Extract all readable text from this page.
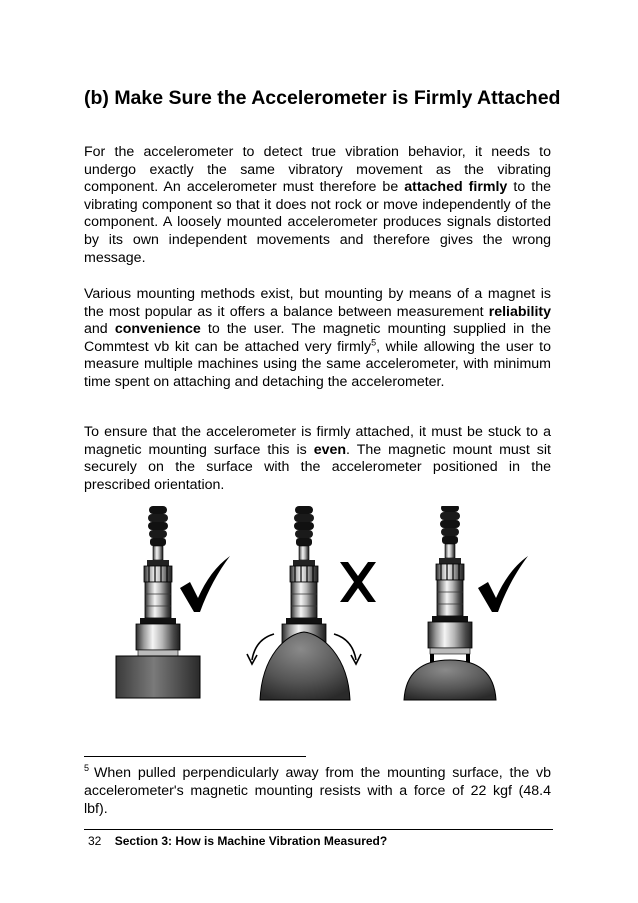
(b) Make Sure the Accelerometer is Firmly Attached

For the accelerometer to detect true vibration behavior, it needs to undergo exactly the same vibratory movement as the vibrating component. An accelerometer must therefore be attached firmly to the vibrating component so that it does not rock or move independently of the component. A loosely mounted accelerometer produces signals distorted by its own independent movements and therefore gives the wrong message.

Various mounting methods exist, but mounting by means of a magnet is the most popular as it offers a balance between measurement reliability and convenience to the user. The magnetic mounting supplied in the Commtest vb kit can be attached very firmly$^5$, while allowing the user to measure multiple machines using the same accelerometer, with minimum time spent on attaching and detaching the accelerometer.

To ensure that the accelerometer is firmly attached, it must be stuck to a magnetic mounting surface this is even. The magnetic mount must sit securely on the surface with the accelerometer positioned in the prescribed orientation.

$^5$ When pulled perpendicularly away from the mounting surface, the vb accelerometer's magnetic mounting resists with a force of 22 kgf (48.4 lbf).

32 Section 3: How is Machine Vibration Measured?
